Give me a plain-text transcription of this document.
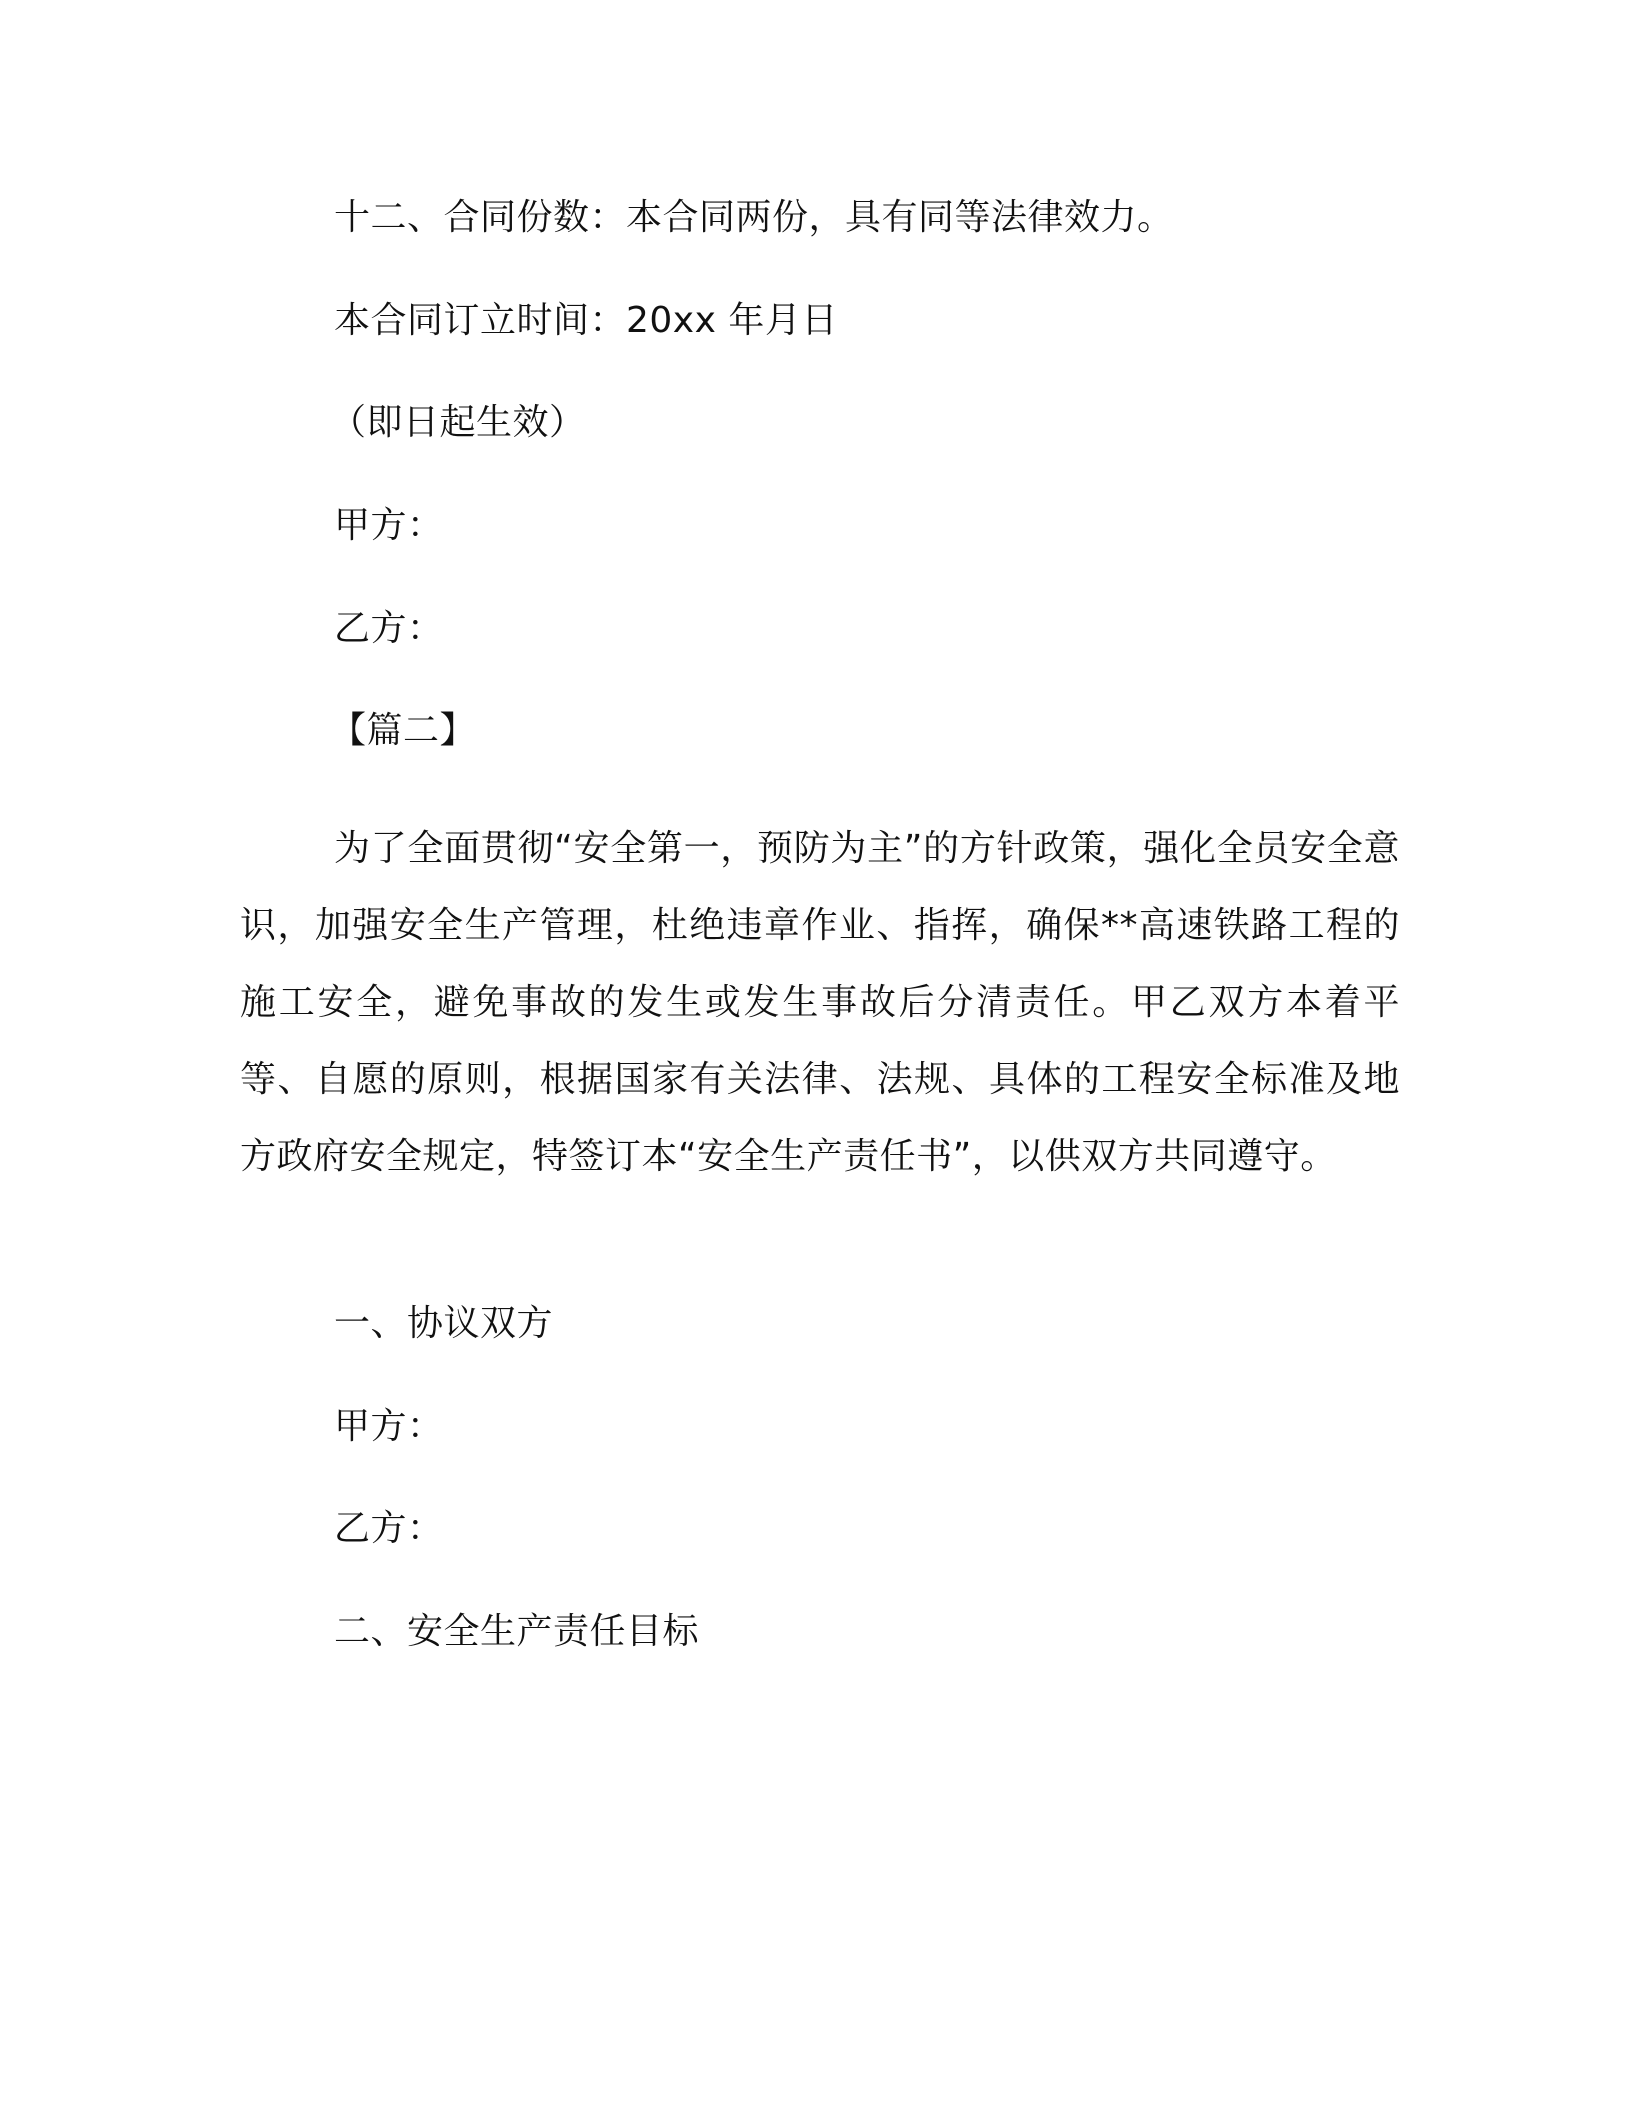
十二、合同份数：本合同两份，具有同等法律效力。
本合同订立时间：20xx 年月日
（即日起生效）
甲方：
乙方：
【篇二】
为了全面贯彻“安全第一，预防为主”的方针政策，强化全员安全意识，加强安全生产管理，杜绝违章作业、指挥，确保**高速铁路工程的施工安全，避免事故的发生或发生事故后分清责任。甲乙双方本着平等、自愿的原则，根据国家有关法律、法规、具体的工程安全标准及地方政府安全规定，特签订本“安全生产责任书”，以供双方共同遵守。
一、协议双方
甲方：
乙方：
二、安全生产责任目标
